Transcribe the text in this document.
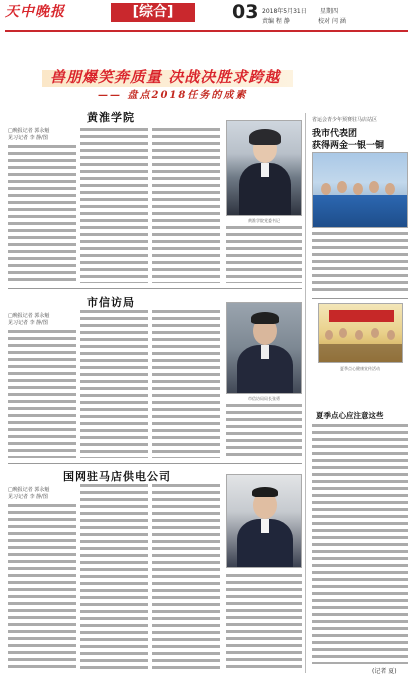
天中晚报	[综合]	03 2018年5月31日 星期四
责编 程 静	校对 闫 涵
兽朋爆笑奔质量 决战决胜求跨越
—— 盘点2018任务的成素
黄淮学院
□晚报记者 郭永魁
见习记者 李 静/图
黄淮学院党委书记
市信访局
□晚报记者 郭永魁
见习记者 李 静/图
市信访局局长张勇
国网驻马店供电公司
□晚报记者 郭永魁
见习记者 李 静/图
省运会青少年预赛驻马店站区
我市代表团
获得两金一银一铜
夏季点心健康宣传活动
夏季点心应注意这些
(记者 夏)
